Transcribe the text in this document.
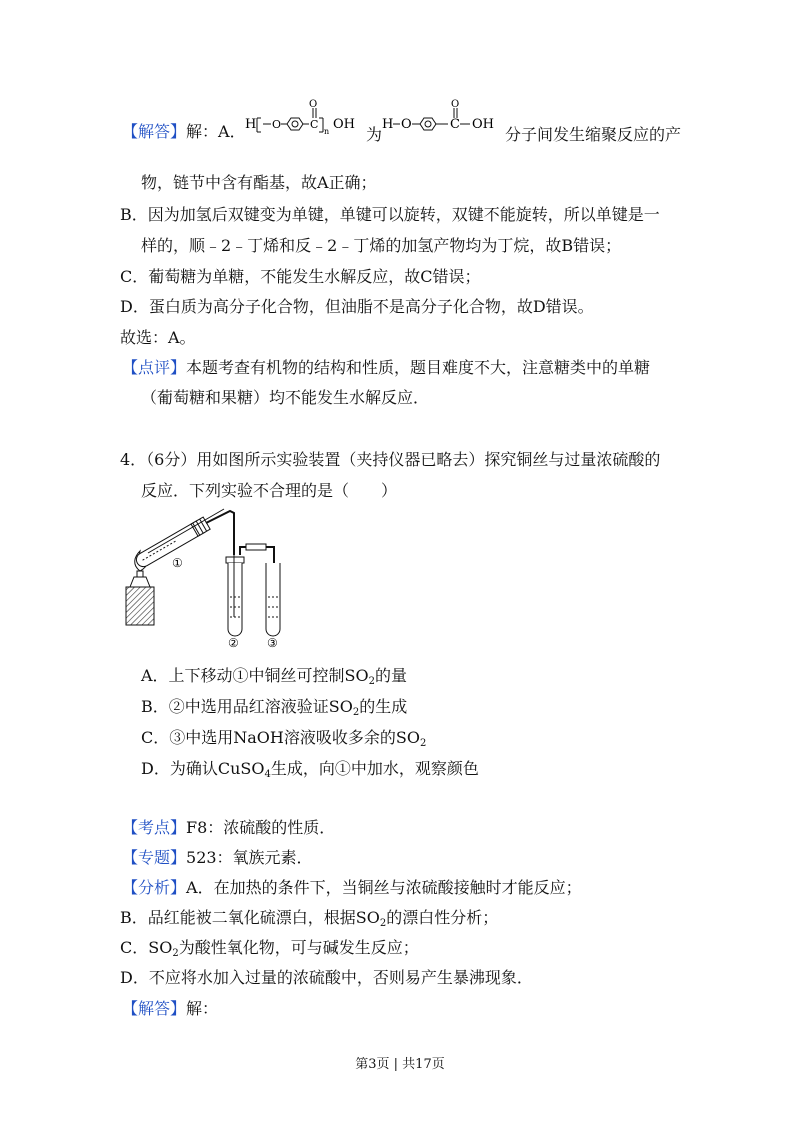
【解答】解：A． H O	C
O
n OH
为
H O	C
O
OH
分子间发生缩聚反应的产
物，链节中含有酯基，故A正确；
B．因为加氢后双键变为单键，单键可以旋转，双键不能旋转，所以单键是一
样的，顺﹣2﹣丁烯和反﹣2﹣丁烯的加氢产物均为丁烷，故B错误；
C．葡萄糖为单糖，不能发生水解反应，故C错误；
D．蛋白质为高分子化合物，但油脂不是高分子化合物，故D错误。
故选：A。
【点评】本题考查有机物的结构和性质，题目难度不大，注意糖类中的单糖
（葡萄糖和果糖）均不能发生水解反应．
4．（6分）用如图所示实验装置（夹持仪器已略去）探究铜丝与过量浓硫酸的
反应．下列实验不合理的是（　　）
①
② ③
A．上下移动①中铜丝可控制$SO_2$的量
B．②中选用品红溶液验证$SO_2$的生成
C．③中选用NaOH溶液吸收多余的$SO_2$
D．为确认CuSO$_4$生成，向①中加水，观察颜色
【考点】F8：浓硫酸的性质．
【专题】523：氧族元素．
【分析】A．在加热的条件下，当铜丝与浓硫酸接触时才能反应；
B．品红能被二氧化硫漂白，根据$SO_2$的漂白性分析；
C．$SO_2$为酸性氧化物，可与碱发生反应；
D．不应将水加入过量的浓硫酸中，否则易产生暴沸现象．
【解答】解：
第3页 | 共17页
